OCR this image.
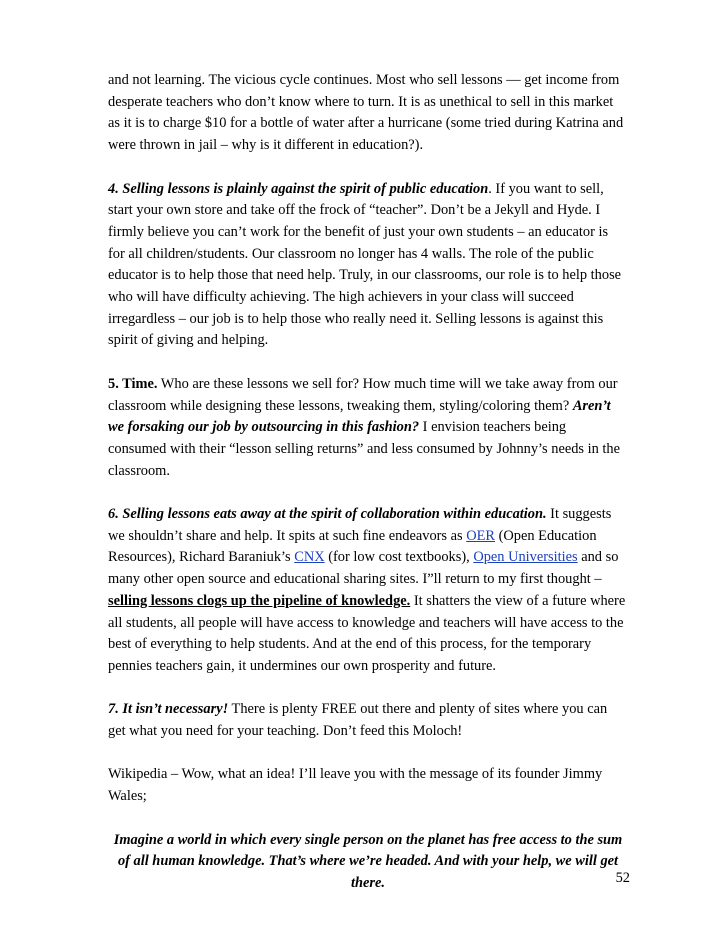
and not learning. The vicious cycle continues. Most who sell lessons — get income from desperate teachers who don’t know where to turn. It is as unethical to sell in this market as it is to charge $10 for a bottle of water after a hurricane (some tried during Katrina and were thrown in jail – why is it different in education?).

4. Selling lessons is plainly against the spirit of public education. If you want to sell, start your own store and take off the frock of “teacher”. Don’t be a Jekyll and Hyde. I firmly believe you can’t work for the benefit of just your own students – an educator is for all children/students. Our classroom no longer has 4 walls. The role of the public educator is to help those that need help. Truly, in our classrooms, our role is to help those who will have difficulty achieving. The high achievers in your class will succeed irregardless – our job is to help those who really need it. Selling lessons is against this spirit of giving and helping.

5. Time. Who are these lessons we sell for? How much time will we take away from our classroom while designing these lessons, tweaking them, styling/coloring them? Aren’t we forsaking our job by outsourcing in this fashion? I envision teachers being consumed with their “lesson selling returns” and less consumed by Johnny’s needs in the classroom.

6. Selling lessons eats away at the spirit of collaboration within education. It suggests we shouldn’t share and help. It spits at such fine endeavors as OER (Open Education Resources), Richard Baraniuk’s CNX (for low cost textbooks), Open Universities and so many other open source and educational sharing sites. I”ll return to my first thought – selling lessons clogs up the pipeline of knowledge. It shatters the view of a future where all students, all people will have access to knowledge and teachers will have access to the best of everything to help students. And at the end of this process, for the temporary pennies teachers gain, it undermines our own prosperity and future.

7. It isn’t necessary! There is plenty FREE out there and plenty of sites where you can get what you need for your teaching. Don’t feed this Moloch!

Wikipedia – Wow, what an idea! I’ll leave you with the message of its founder Jimmy Wales;

Imagine a world in which every single person on the planet has free access to the sum of all human knowledge. That’s where we’re headed. And with your help, we will get there.	52
